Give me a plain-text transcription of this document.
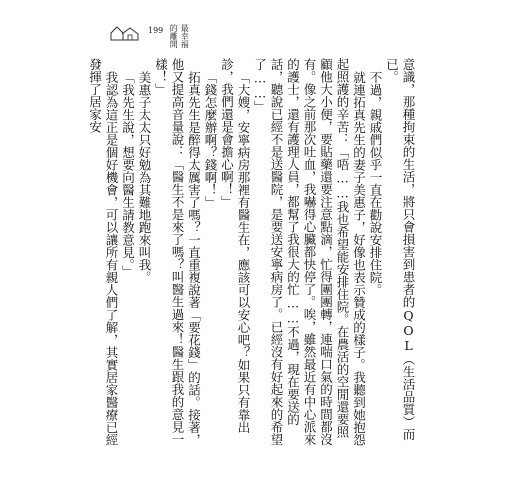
199 最幸福
的離開

意識，那種拘束的生活，將只會損害到患者的QOL（生活品質）而已。

不過，親戚們似乎一直在勸說安排住院。

就連拓真先生的妻子美惠子，好像也表示贊成的樣子。我聽到她抱怨起照護的辛苦：「唔……我也希望能安排住院。在農活的空閒還要照顧他大小便，要貼藥還要注意點滴，忙得團團轉，連喘口氣的時間都沒有。像之前那次吐血，我嚇得心臟都快停了。唉，雖然最近有中心派來的護士，還有護理人員，都幫了我很大的忙……不過，現在要送的話，聽說已經不是送醫院，是要送安寧病房了。已經沒有好起來的希望了……」

「大嫂，安寧病房那裡有醫生在，應該可以安心吧？如果只有靠出診，我們還是會擔心啊！」

「錢怎麼辦啊？錢啊！」

拓真先生是醉得太厲害了嗎？一直重複說著「要花錢」的話。接著，他又提高音量說：「醫生不是來了嗎？叫醫生過來！醫生跟我的意見一樣！」

美惠子太太只好勉為其難地跑來叫我。

「我先生說，想要向醫生請教意見。」

我認為這正是個好機會，可以讓所有親人們了解，其實居家醫療已經發揮了居家安
